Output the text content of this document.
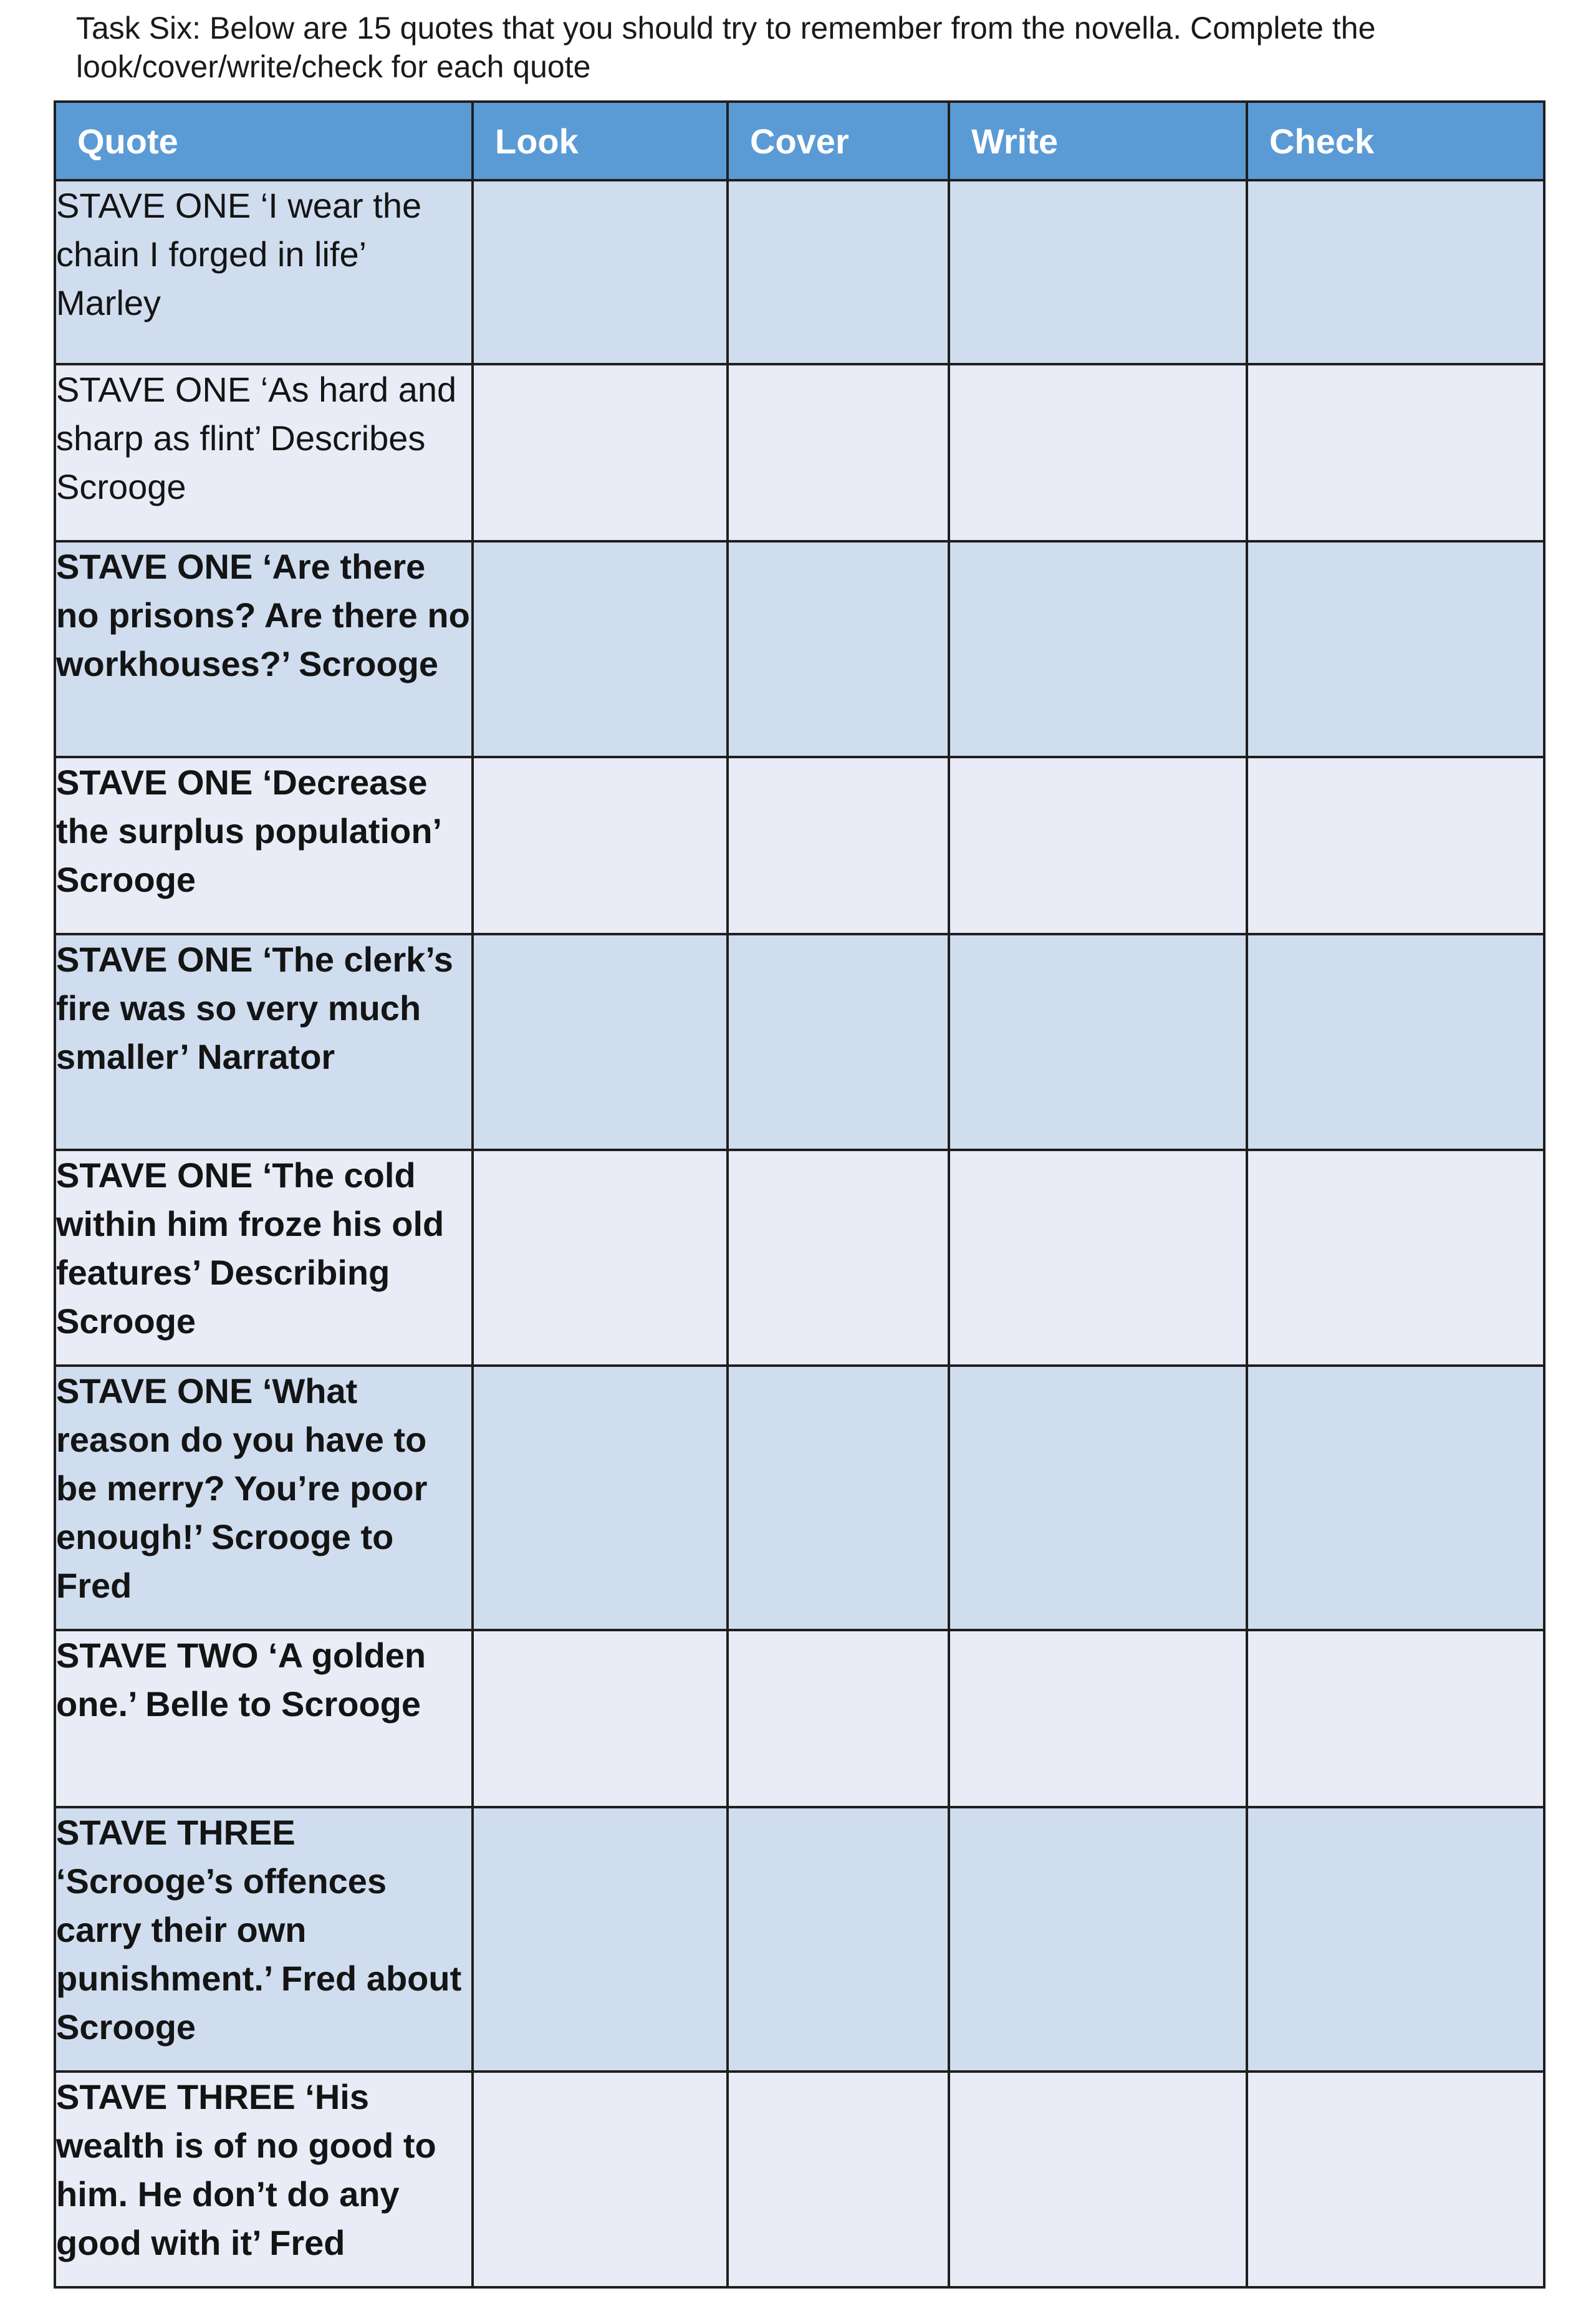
Task Six: Below are 15 quotes that you should try to remember from the novella. Complete the look/cover/write/check for each quote
Quote	Look	Cover	Write	Check
STAVE ONE ‘I wear the chain I forged in life’ Marley				
STAVE ONE ‘As hard and sharp as flint’ Describes Scrooge				
STAVE ONE ‘Are there no prisons? Are there no workhouses?’ Scrooge				
STAVE ONE ‘Decrease the surplus population’ Scrooge				
STAVE ONE ‘The clerk’s fire was so very much smaller’ Narrator				
STAVE ONE ‘The cold within him froze his old features’ Describing Scrooge				
STAVE ONE ‘What reason do you have to be merry? You’re poor enough!’ Scrooge to Fred				
STAVE TWO ‘A golden one.’ Belle to Scrooge				
STAVE THREE ‘Scrooge’s offences carry their own punishment.’ Fred about Scrooge				
STAVE THREE ‘His wealth is of no good to him. He don’t do any good with it’ Fred				
